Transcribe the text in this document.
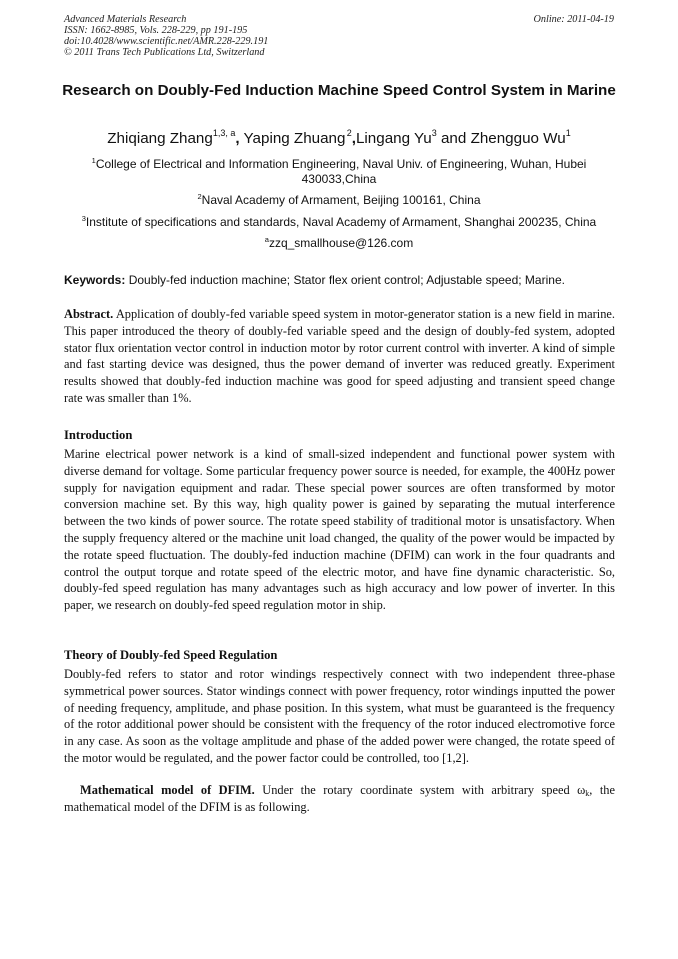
Advanced Materials Research
ISSN: 1662-8985, Vols. 228-229, pp 191-195
doi:10.4028/www.scientific.net/AMR.228-229.191
© 2011 Trans Tech Publications Ltd, Switzerland
Online: 2011-04-19
Research on Doubly-Fed Induction Machine Speed Control System in Marine
Zhiqiang Zhang$^{1,3, a}$, Yaping Zhuang $^2$,Lingang Yu$^3$ and Zhengguo Wu$^1$
$^1$College of Electrical and Information Engineering, Naval Univ. of Engineering, Wuhan, Hubei 430033,China
$^2$Naval Academy of Armament, Beijing 100161, China
$^3$Institute of specifications and standards, Naval Academy of Armament, Shanghai 200235, China
$^a$zzq_smallhouse@126.com
Keywords: Doubly-fed induction machine; Stator flex orient control; Adjustable speed; Marine.
Abstract. Application of doubly-fed variable speed system in motor-generator station is a new field in marine. This paper introduced the theory of doubly-fed variable speed and the design of doubly-fed system, adopted stator flux orientation vector control in induction motor by rotor current control with inverter. A kind of simple and fast starting device was designed, thus the power demand of inverter was reduced greatly. Experiment results showed that doubly-fed induction machine was good for speed adjusting and transient speed change rate was smaller than 1%.
Introduction
Marine electrical power network is a kind of small-sized independent and functional power system with diverse demand for voltage. Some particular frequency power source is needed, for example, the 400Hz power supply for navigation equipment and radar. These special power sources are often transformed by motor conversion machine set. By this way, high quality power is gained by separating the mutual interference between the two kinds of power source. The rotate speed stability of traditional motor is unsatisfactory. When the supply frequency altered or the machine unit load changed, the quality of the power would be impacted by the rotate speed fluctuation. The doubly-fed induction machine (DFIM) can work in the four quadrants and control the output torque and rotate speed of the electric motor, and have fine dynamic characteristic. So, doubly-fed speed regulation has many advantages such as high accuracy and low power of inverter. In this paper, we research on doubly-fed speed regulation motor in ship.
Theory of Doubly-fed Speed Regulation
Doubly-fed refers to stator and rotor windings respectively connect with two independent three-phase symmetrical power sources. Stator windings connect with power frequency, rotor windings inputted the power of needing frequency, amplitude, and phase position. In this system, what must be guaranteed is the frequency of the rotor additional power should be consistent with the frequency of the rotor induced electromotive force in any case. As soon as the voltage amplitude and phase of the added power were changed, the rotate speed of the motor would be regulated, and the power factor could be controlled, too [1,2].
Mathematical model of DFIM. Under the rotary coordinate system with arbitrary speed $\omega_k$, the mathematical model of the DFIM is as following.
